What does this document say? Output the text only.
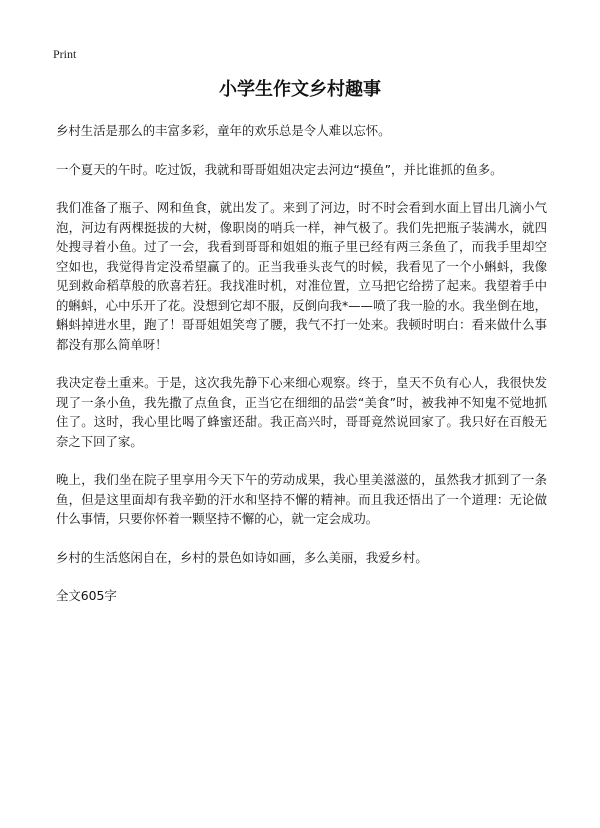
Print
小学生作文乡村趣事

乡村生活是那么的丰富多彩，童年的欢乐总是令人难以忘怀。

一个夏天的午时。吃过饭，我就和哥哥姐姐决定去河边“摸鱼”，并比谁抓的鱼多。

我们准备了瓶子、网和鱼食，就出发了。来到了河边，时不时会看到水面上冒出几滴小气泡，河边有两棵挺拔的大树，像职岗的哨兵一样，神气极了。我们先把瓶子装满水，就四处搜寻着小鱼。过了一会，我看到哥哥和姐姐的瓶子里已经有两三条鱼了，而我手里却空空如也，我觉得肯定没希望赢了的。正当我垂头丧气的时候，我看见了一个小蝌蚪，我像见到救命稻草般的欣喜若狂。我找准时机，对准位置，立马把它给捞了起来。我望着手中的蝌蚪，心中乐开了花。没想到它却不服，反倒向我*——喷了我一脸的水。我坐倒在地，蝌蚪掉进水里，跑了！哥哥姐姐笑弯了腰，我气不打一处来。我顿时明白：看来做什么事都没有那么简单呀！

我决定卷土重来。于是，这次我先静下心来细心观察。终于，皇天不负有心人，我很快发现了一条小鱼，我先撒了点鱼食，正当它在细细的品尝“美食”时，被我神不知鬼不觉地抓住了。这时，我心里比喝了蜂蜜还甜。我正高兴时，哥哥竟然说回家了。我只好在百般无奈之下回了家。

晚上，我们坐在院子里享用今天下午的劳动成果，我心里美滋滋的，虽然我才抓到了一条鱼，但是这里面却有我辛勤的汗水和坚持不懈的精神。而且我还悟出了一个道理：无论做什么事情，只要你怀着一颗坚持不懈的心，就一定会成功。

乡村的生活悠闲自在，乡村的景色如诗如画，多么美丽，我爱乡村。

全文605字
